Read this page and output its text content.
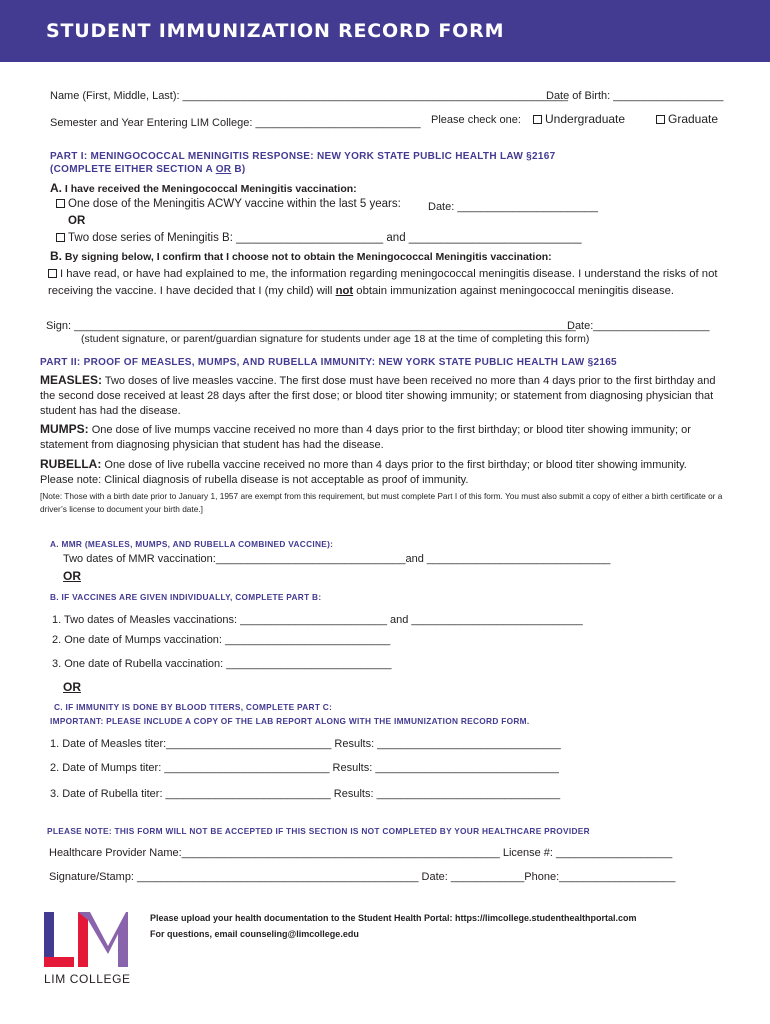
STUDENT IMMUNIZATION RECORD FORM
Name (First, Middle, Last): _______________________________________________________________
Date of Birth: __________________
Semester and Year Entering LIM College: ___________________________ Please check one:	Undergraduate	Graduate
PART I: MENINGOCOCCAL MENINGITIS RESPONSE: NEW YORK STATE PUBLIC HEALTH LAW §2167
(COMPLETE EITHER SECTION A OR B)
A. I have received the Meningococcal Meningitis vaccination:
One dose of the Meningitis ACWY vaccine within the last 5 years: Date: _______________________
OR
Two dose series of Meningitis B: _______________________ and ___________________________
B. By signing below, I confirm that I choose not to obtain the Meningococcal Meningitis vaccination:
I have read, or have had explained to me, the information regarding meningococcal meningitis disease. I understand the risks of not receiving the vaccine. I have decided that I (my child) will not obtain immunization against meningococcal meningitis disease.
Sign: __________________________________________________________________________________
Date:___________________
(student signature, or parent/guardian signature for students under age 18 at the time of completing this form)
PART II: PROOF OF MEASLES, MUMPS, AND RUBELLA IMMUNITY: NEW YORK STATE PUBLIC HEALTH LAW §2165
MEASLES: Two doses of live measles vaccine. The first dose must have been received no more than 4 days prior to the first birthday and the second dose received at least 28 days after the first dose; or blood titer showing immunity; or statement from diagnosing physician that student has had the disease.
MUMPS: One dose of live mumps vaccine received no more than 4 days prior to the first birthday; or blood titer showing immunity; or statement from diagnosing physician that student has had the disease.
RUBELLA: One dose of live rubella vaccine received no more than 4 days prior to the first birthday; or blood titer showing immunity. Please note: Clinical diagnosis of rubella disease is not acceptable as proof of immunity.
[Note: Those with a birth date prior to January 1, 1957 are exempt from this requirement, but must complete Part I of this form. You must also submit a copy of either a birth certificate or a driver’s license to document your birth date.]
A. MMR (MEASLES, MUMPS, AND RUBELLA COMBINED VACCINE):
Two dates of MMR vaccination:_______________________________and ______________________________
OR
B. IF VACCINES ARE GIVEN INDIVIDUALLY, COMPLETE PART B:
1. Two dates of Measles vaccinations: ________________________ and ____________________________
2. One date of Mumps vaccination: ___________________________
3. One date of Rubella vaccination: ___________________________
OR
C. IF IMMUNITY IS DONE BY BLOOD TITERS, COMPLETE PART C:
IMPORTANT: PLEASE INCLUDE A COPY OF THE LAB REPORT ALONG WITH THE IMMUNIZATION RECORD FORM.
1. Date of Measles titer:___________________________ Results: ______________________________
2. Date of Mumps titer: ___________________________ Results: ______________________________
3. Date of Rubella titer: ___________________________ Results: ______________________________
PLEASE NOTE: THIS FORM WILL NOT BE ACCEPTED IF THIS SECTION IS NOT COMPLETED BY YOUR HEALTHCARE PROVIDER
Healthcare Provider Name:____________________________________________________ License #: ___________________
Signature/Stamp: ______________________________________________ Date: ____________Phone:___________________
LIM COLLEGE
Please upload your health documentation to the Student Health Portal: https://limcollege.studenthealthportal.com
For questions, email counseling@limcollege.edu
